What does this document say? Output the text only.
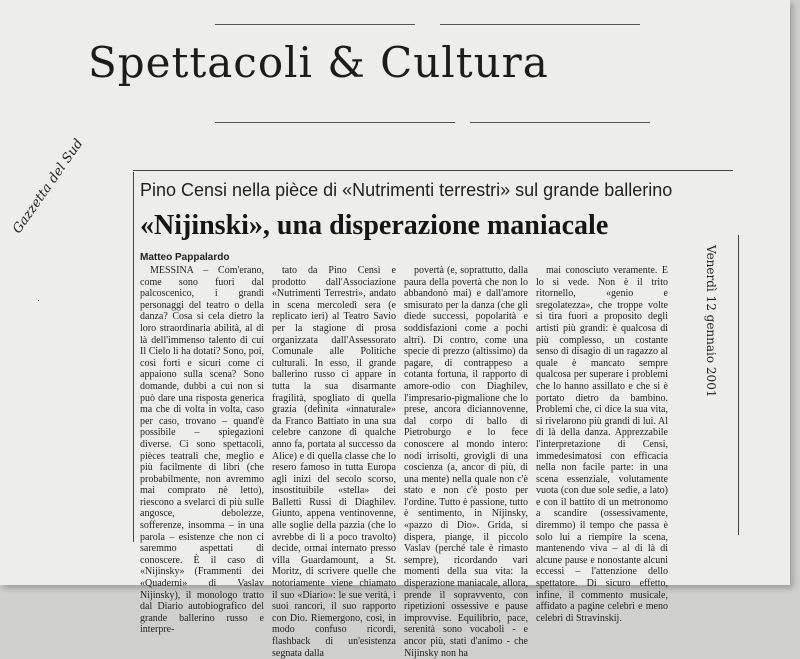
Spettacoli & Cultura
Gazzetta del Sud
Venerdì 12 gennaio 2001
Pino Censi nella pièce di «Nutrimenti terrestri» sul grande ballerino
«Nijinski», una disperazione maniacale
Matteo Pappalardo

MESSINA – Com'erano, come sono fuori dal palcoscenico, i grandi personaggi del teatro o della danza? Cosa si cela dietro la loro straordinaria abilità, al di là dell'immenso talento di cui Il Cielo li ha dotati? Sono, poi, così forti e sicuri come ci appaiono sulla scena? Sono domande, dubbi a cui non si può dare una risposta generica ma che di volta in volta, caso per caso, trovano – quand'è possibile – spiegazioni diverse. Ci sono spettacoli, pièces teatrali che, meglio e più facilmente di libri (che probabilmente, non avremmo mai comprato nè letto), riescono a svelarci di più sulle angosce, debolezze, sofferenze, insomma – in una parola – esistenze che non ci saremmo aspettati di conoscere. È il caso di «Nijinsky» (Frammenti dei «Quaderni» di Vaslav Nijinsky), il monologo tratto dal Diario autobiografico del grande ballerino russo e interpre-

tato da Pino Censi e prodotto dall'Associazione «Nutrimenti Terrestri», andato in scena mercoledì sera (e replicato ieri) al Teatro Savio per la stagione di prosa organizzata dall'Assessorato Comunale alle Politiche culturali. In esso, il grande ballerino russo ci appare in tutta la sua disarmante fragilità, spogliato di quella grazia (definita «innaturale» da Franco Battiato in una sua celebre canzone di qualche anno fa, portata al successo da Alice) e di quella classe che lo resero famoso in tutta Europa agli inizi del secolo scorso, insostituibile «stella» dei Balletti Russi di Diaghilev. Giunto, appena ventinovenne, alle soglie della pazzia (che lo avrebbe di lì a poco travolto) decide, ormai internato presso villa Guardamount, a St. Moritz, di scrivere quelle che notoriamente viene chiamato il suo «Diario»: le sue verità, i suoi rancori, il suo rapporto con Dio. Riemergono, così, in modo confuso ricordi, flashback di un'esistenza segnata dalla

povertà (e, soprattutto, dalla paura della povertà che non lo abbandonò mai) e dall'amore smisurato per la danza (che gli diede successi, popolarità e soddisfazioni come a pochi altri). Di contro, come una specie di prezzo (altissimo) da pagare, di contrappeso a cotanta fortuna, il rapporto di amore-odio con Diaghilev, l'impresario-pigmalione che lo prese, ancora diciannovenne, dal corpo di ballo di Pietroburgo e lo fece conoscere al mondo intero: nodi irrisolti, grovigli di una coscienza (a, ancor di più, di una mente) nella quale non c'è stato e non c'è posto per l'ordine. Tutto è passione, tutto è sentimento, in Nijinsky, «pazzo di Dio». Grida, si dispera, piange, il piccolo Vaslav (perché tale è rimasto sempre), ricordando vari momenti della sua vita: la disperazione maniacale, allora, prende il sopravvento, con ripetizioni ossessive e pause improvvise. Equilibrio, pace, serenità sono vocaboli - e ancor più, stati d'animo - che Nijinsky non ha

mai conosciuto veramente. E lo si vede. Non è il trito ritornello, «genio e sregolatezza», che troppe volte si tira fuori a proposito degli artisti più grandi: è qualcosa di più complesso, un costante senso di disagio di un ragazzo al quale è mancato sempre qualcosa per superare i problemi che lo hanno assillato e che si è portato dietro da bambino. Problemi che, ci dice la sua vita, si rivelarono più grandi di lui. Al di là della danza. Apprezzabile l'interpretazione di Censi, immedesimatosi con efficacia nella non facile parte: in una scena essenziale, volutamente vuota (con due sole sedie, a lato) e con il battito di un metronomo a scandire (ossessivamente, diremmo) il tempo che passa è solo lui a riempire la scena, mantenendo viva – al di là di alcune pause e nonostante alcuni eccessi – l'attenzione dello spettatore. Di sicuro effetto, infine, il commento musicale, affidato a pagine celebri e meno celebri di Stravinskij.
